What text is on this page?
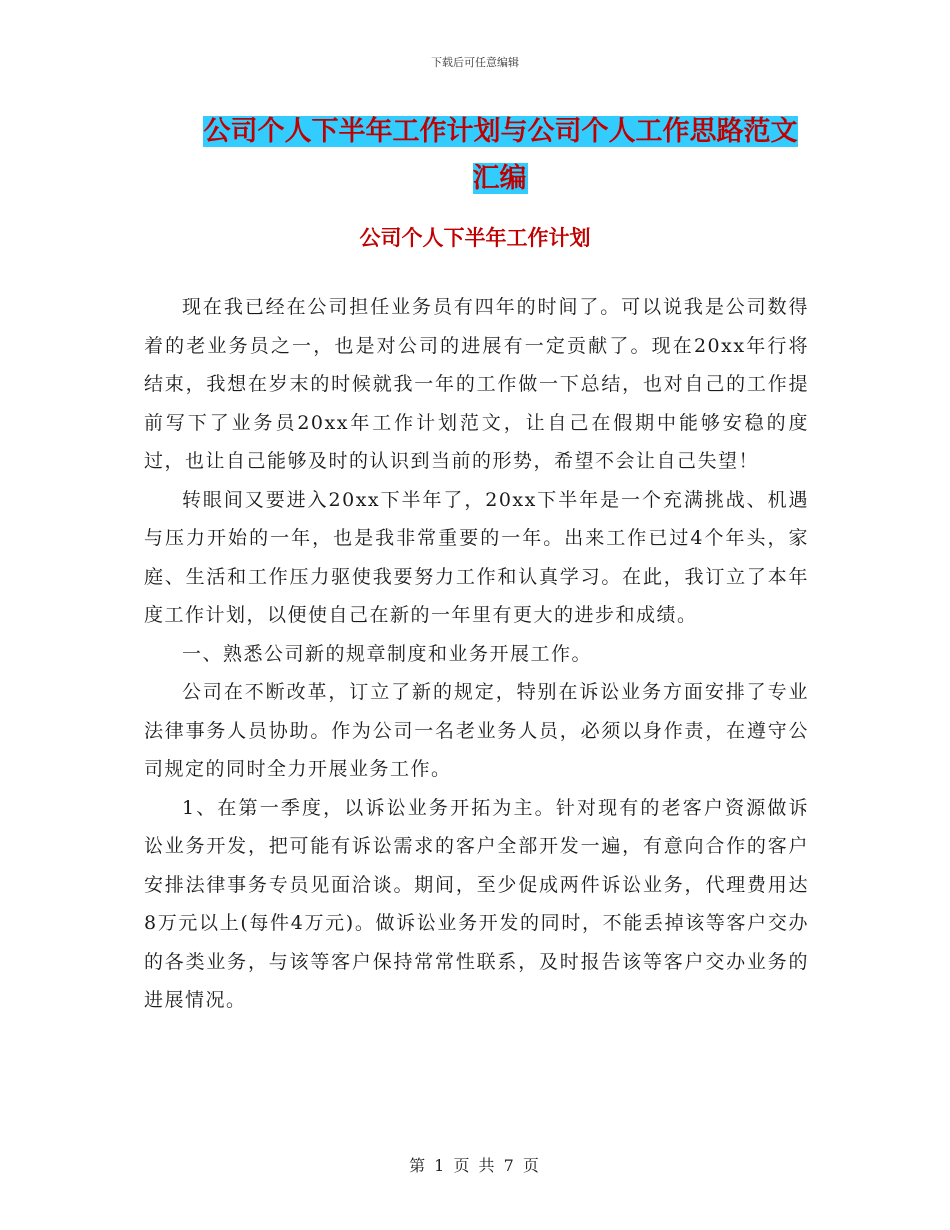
下载后可任意编辑
公司个人下半年工作计划与公司个人工作思路范文汇编
公司个人下半年工作计划

现在我已经在公司担任业务员有四年的时间了。可以说我是公司数得着的老业务员之一，也是对公司的进展有一定贡献了。现在20xx年行将结束，我想在岁末的时候就我一年的工作做一下总结，也对自己的工作提前写下了业务员20xx年工作计划范文，让自己在假期中能够安稳的度过，也让自己能够及时的认识到当前的形势，希望不会让自己失望！

转眼间又要进入20xx下半年了，20xx下半年是一个充满挑战、机遇与压力开始的一年，也是我非常重要的一年。出来工作已过4个年头，家庭、生活和工作压力驱使我要努力工作和认真学习。在此，我订立了本年度工作计划，以便使自己在新的一年里有更大的进步和成绩。

一、熟悉公司新的规章制度和业务开展工作。

公司在不断改革，订立了新的规定，特别在诉讼业务方面安排了专业法律事务人员协助。作为公司一名老业务人员，必须以身作责，在遵守公司规定的同时全力开展业务工作。

1、在第一季度，以诉讼业务开拓为主。针对现有的老客户资源做诉讼业务开发，把可能有诉讼需求的客户全部开发一遍，有意向合作的客户安排法律事务专员见面洽谈。期间，至少促成两件诉讼业务，代理费用达8万元以上(每件4万元)。做诉讼业务开发的同时，不能丢掉该等客户交办的各类业务，与该等客户保持常常性联系，及时报告该等客户交办业务的进展情况。

第 1 页 共 7 页
